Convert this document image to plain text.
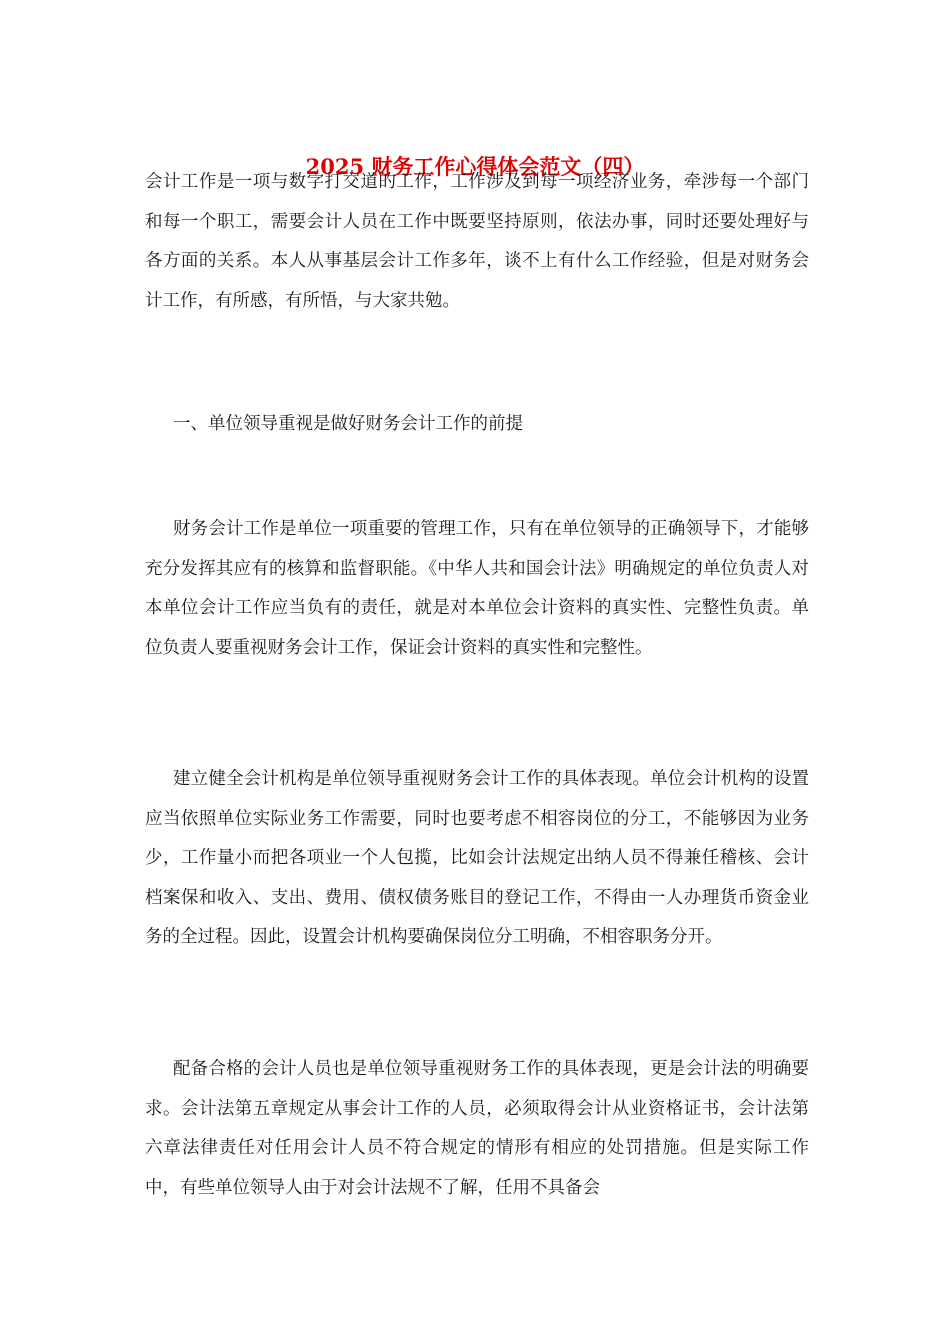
2025 财务工作心得体会范文（四）

会计工作是一项与数字打交道的工作，工作涉及到每一项经济业务，牵涉每一个部门和每一个职工，需要会计人员在工作中既要坚持原则，依法办事，同时还要处理好与各方面的关系。本人从事基层会计工作多年，谈不上有什么工作经验，但是对财务会计工作，有所感，有所悟，与大家共勉。

一、单位领导重视是做好财务会计工作的前提

财务会计工作是单位一项重要的管理工作，只有在单位领导的正确领导下，才能够充分发挥其应有的核算和监督职能。《中华人共和国会计法》明确规定的单位负责人对本单位会计工作应当负有的责任，就是对本单位会计资料的真实性、完整性负责。单位负责人要重视财务会计工作，保证会计资料的真实性和完整性。

建立健全会计机构是单位领导重视财务会计工作的具体表现。单位会计机构的设置应当依照单位实际业务工作需要，同时也要考虑不相容岗位的分工，不能够因为业务少，工作量小而把各项业一个人包揽，比如会计法规定出纳人员不得兼任稽核、会计档案保和收入、支出、费用、债权债务账目的登记工作，不得由一人办理货币资金业务的全过程。因此，设置会计机构要确保岗位分工明确，不相容职务分开。

配备合格的会计人员也是单位领导重视财务工作的具体表现，更是会计法的明确要求。会计法第五章规定从事会计工作的人员，必须取得会计从业资格证书，会计法第六章法律责任对任用会计人员不符合规定的情形有相应的处罚措施。但是实际工作中，有些单位领导人由于对会计法规不了解，任用不具备会
